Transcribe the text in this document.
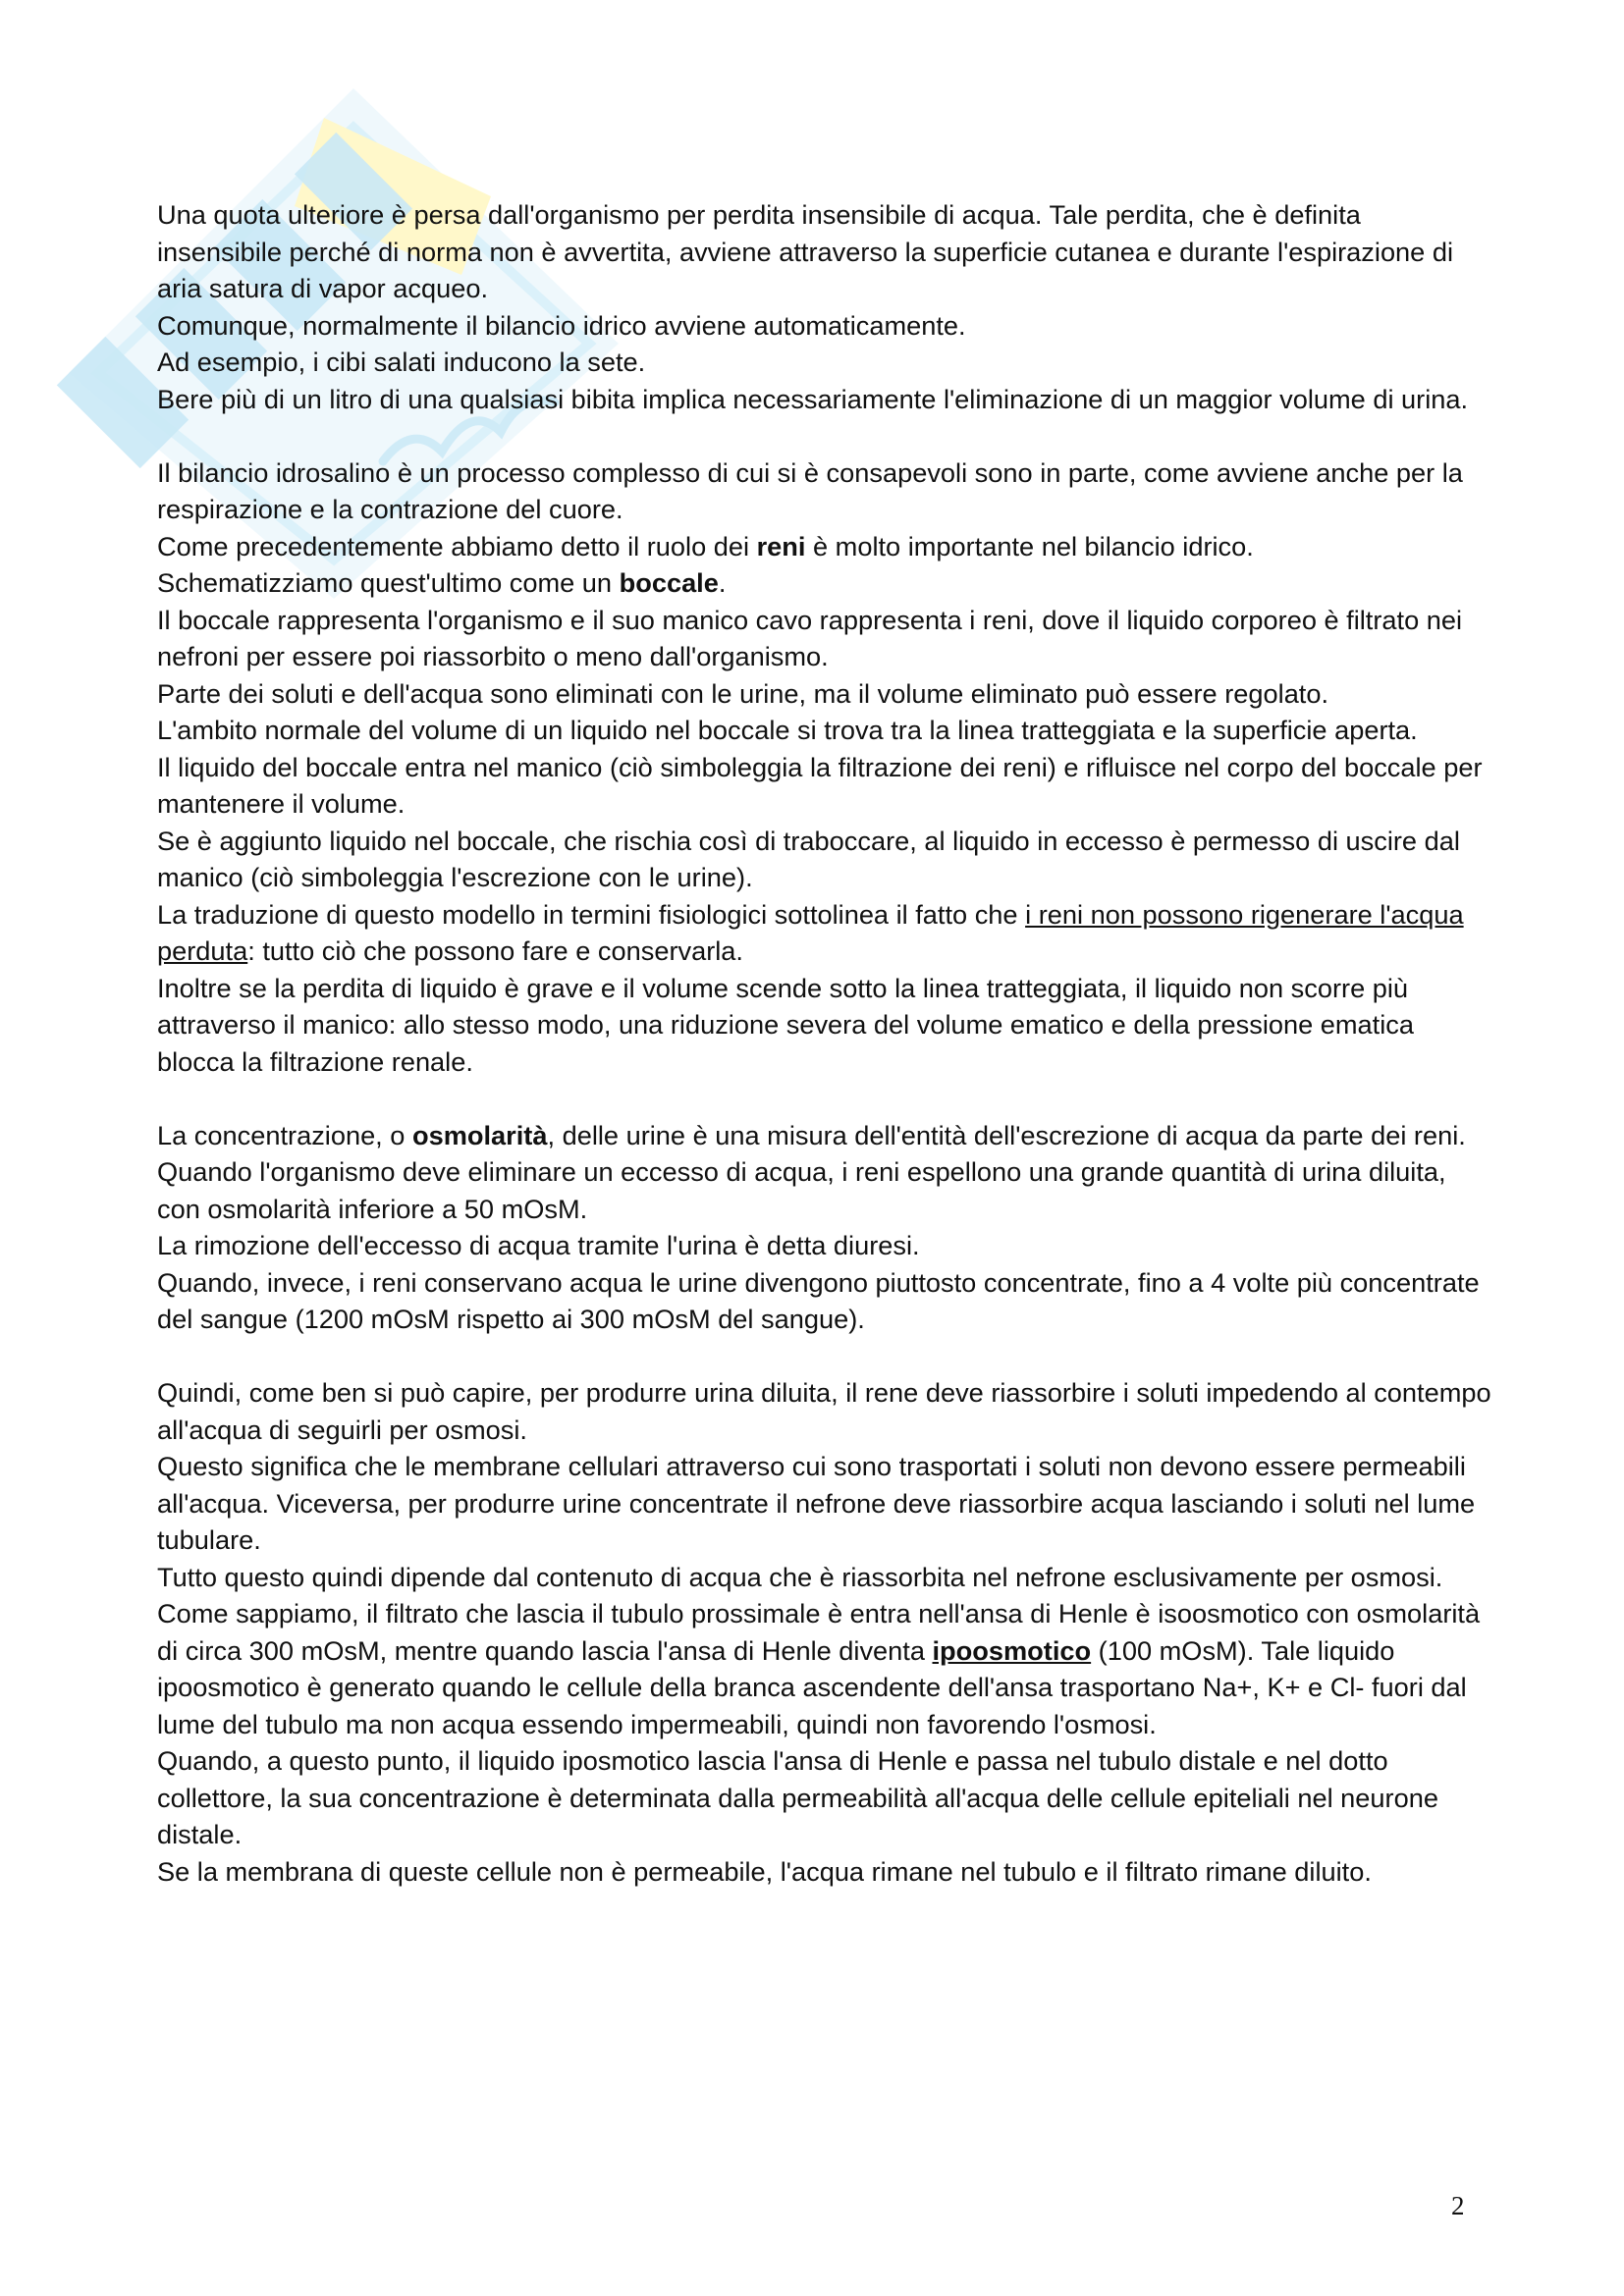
Una quota ulteriore è persa dall'organismo per perdita insensibile di acqua. Tale perdita, che è definita insensibile perché di norma non è avvertita, avviene attraverso la superficie cutanea e durante l'espirazione di aria satura di vapor acqueo.

Comunque, normalmente il bilancio idrico avviene automaticamente.

Ad esempio, i cibi salati inducono la sete.

Bere più di un litro di una qualsiasi bibita implica necessariamente l'eliminazione di un maggior volume di urina.

Il bilancio idrosalino è un processo complesso di cui si è consapevoli sono in parte, come avviene anche per la respirazione e la contrazione del cuore.

Come precedentemente abbiamo detto il ruolo dei reni è molto importante nel bilancio idrico.

Schematizziamo quest'ultimo come un boccale.

Il boccale rappresenta l'organismo e il suo manico cavo rappresenta i reni, dove il liquido corporeo è filtrato nei nefroni per essere poi riassorbito o meno dall'organismo.

Parte dei soluti e dell'acqua sono eliminati con le urine, ma il volume eliminato può essere regolato.

L'ambito normale del volume di un liquido nel boccale si trova tra la linea tratteggiata e la superficie aperta.

Il liquido del boccale entra nel manico (ciò simboleggia la filtrazione dei reni) e rifluisce nel corpo del boccale per mantenere il volume.

Se è aggiunto liquido nel boccale, che rischia così di traboccare, al liquido in eccesso è permesso di uscire dal manico (ciò simboleggia l'escrezione con le urine).

La traduzione di questo modello in termini fisiologici sottolinea il fatto che i reni non possono rigenerare l'acqua perduta: tutto ciò che possono fare e conservarla.

Inoltre se la perdita di liquido è grave e il volume scende sotto la linea tratteggiata, il liquido non scorre più attraverso il manico: allo stesso modo, una riduzione severa del volume ematico e della pressione ematica blocca la filtrazione renale.

La concentrazione, o osmolarità, delle urine è una misura dell'entità dell'escrezione di acqua da parte dei reni.

Quando l'organismo deve eliminare un eccesso di acqua, i reni espellono una grande quantità di urina diluita, con osmolarità inferiore a 50 mOsM.

La rimozione dell'eccesso di acqua tramite l'urina è detta diuresi.

Quando, invece, i reni conservano acqua le urine divengono piuttosto concentrate, fino a 4 volte più concentrate del sangue (1200 mOsM rispetto ai 300 mOsM del sangue).

Quindi, come ben si può capire, per produrre urina diluita, il rene deve riassorbire i soluti impedendo al contempo all'acqua di seguirli per osmosi.

Questo significa che le membrane cellulari attraverso cui sono trasportati i soluti non devono essere permeabili all'acqua. Viceversa, per produrre urine concentrate il nefrone deve riassorbire acqua lasciando i soluti nel lume tubulare.

Tutto questo quindi dipende dal contenuto di acqua che è riassorbita nel nefrone esclusivamente per osmosi.

Come sappiamo, il filtrato che lascia il tubulo prossimale è entra nell'ansa di Henle è isoosmotico con osmolarità di circa 300 mOsM, mentre quando lascia l'ansa di Henle diventa ipoosmotico (100 mOsM). Tale liquido ipoosmotico è generato quando le cellule della branca ascendente dell'ansa trasportano Na+, K+ e Cl- fuori dal lume del tubulo ma non acqua essendo impermeabili, quindi non favorendo l'osmosi.

Quando, a questo punto, il liquido iposmotico lascia l'ansa di Henle e passa nel tubulo distale e nel dotto collettore, la sua concentrazione è determinata dalla permeabilità all'acqua delle cellule epiteliali nel neurone distale.

Se la membrana di queste cellule non è permeabile, l'acqua rimane nel tubulo e il filtrato rimane diluito.

2
